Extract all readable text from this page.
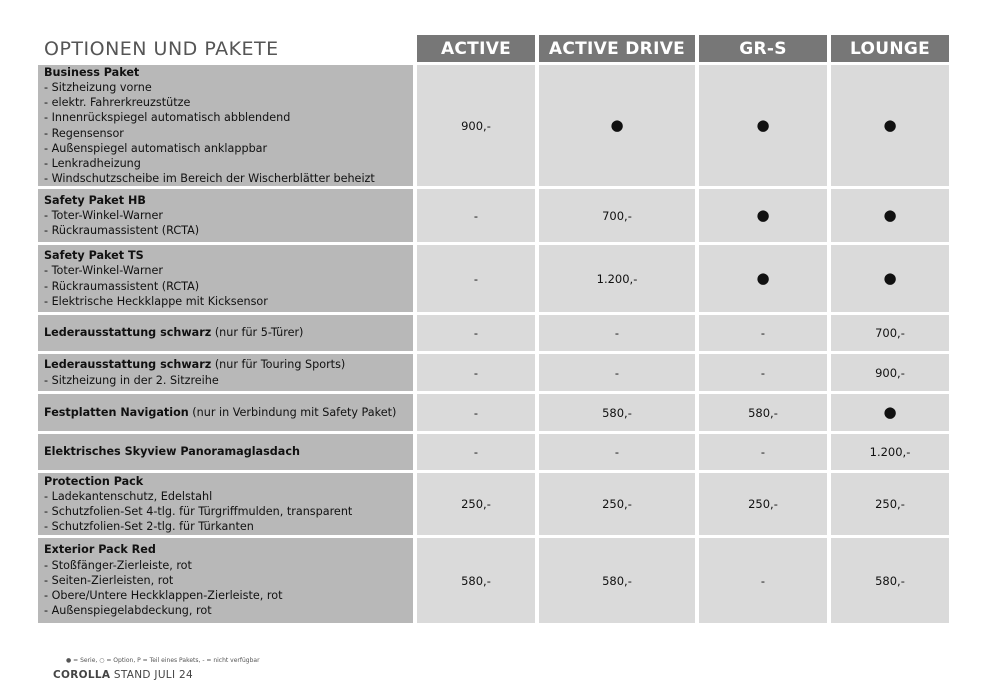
OPTIONEN UND PAKETE	ACTIVE	ACTIVE DRIVE	GR-S	LOUNGE
Business Paket
- Sitzheizung vorne
- elektr. Fahrerkreuzstütze
- Innenrückspiegel automatisch abblendend
- Regensensor
- Außenspiegel automatisch anklappbar
- Lenkradheizung
- Windschutzscheibe im Bereich der Wischerblätter beheizt
900,-	●	●	●
Safety Paket HB
- Toter-Winkel-Warner
- Rückraumassistent (RCTA)
-	700,-	●	●
Safety Paket TS
- Toter-Winkel-Warner
- Rückraumassistent (RCTA)
- Elektrische Heckklappe mit Kicksensor
-	1.200,-	●	●
Lederausstattung schwarz (nur für 5-Türer)	-	-	-	700,-
Lederausstattung schwarz (nur für Touring Sports)
- Sitzheizung in der 2. Sitzreihe
-	-	-	900,-
Festplatten Navigation (nur in Verbindung mit Safety Paket)	-	580,-	580,-	●
Elektrisches Skyview Panoramaglasdach	-	-	-	1.200,-
Protection Pack
- Ladekantenschutz, Edelstahl
- Schutzfolien-Set 4-tlg. für Türgriffmulden, transparent
- Schutzfolien-Set 2-tlg. für Türkanten
250,-	250,-	250,-	250,-
Exterior Pack Red
- Stoßfänger-Zierleiste, rot
- Seiten-Zierleisten, rot
- Obere/Untere Heckklappen-Zierleiste, rot
- Außenspiegelabdeckung, rot
580,-	580,-	-	580,-
● = Serie, ○ = Option, P = Teil eines Pakets, - = nicht verfügbar
COROLLA STAND JULI 24
